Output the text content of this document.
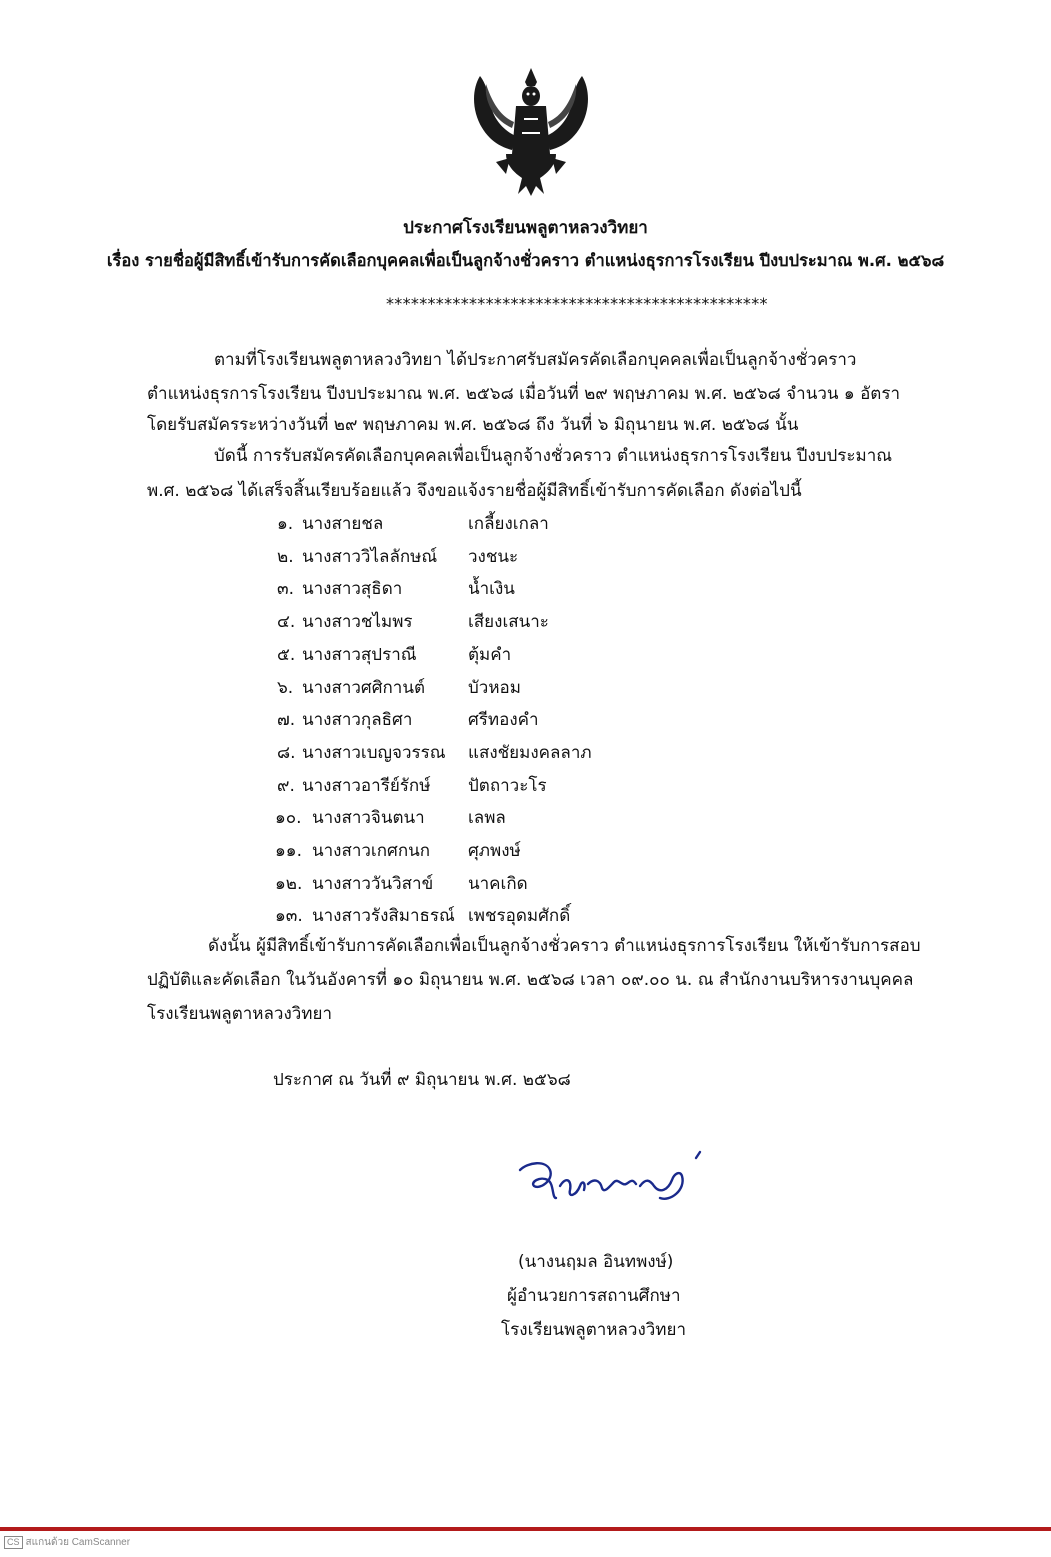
ประกาศโรงเรียนพลูตาหลวงวิทยา
เรื่อง รายชื่อผู้มีสิทธิ์เข้ารับการคัดเลือกบุคคลเพื่อเป็นลูกจ้างชั่วคราว ตำแหน่งธุรการโรงเรียน ปีงบประมาณ พ.ศ. ๒๕๖๘
**********************************************
ตามที่โรงเรียนพลูตาหลวงวิทยา ได้ประกาศรับสมัครคัดเลือกบุคคลเพื่อเป็นลูกจ้างชั่วคราว
ตำแหน่งธุรการโรงเรียน ปีงบประมาณ พ.ศ. ๒๕๖๘ เมื่อวันที่ ๒๙ พฤษภาคม พ.ศ. ๒๕๖๘ จำนวน ๑ อัตรา
โดยรับสมัครระหว่างวันที่ ๒๙ พฤษภาคม พ.ศ. ๒๕๖๘ ถึง วันที่ ๖ มิถุนายน พ.ศ. ๒๕๖๘ นั้น
บัดนี้ การรับสมัครคัดเลือกบุคคลเพื่อเป็นลูกจ้างชั่วคราว ตำแหน่งธุรการโรงเรียน ปีงบประมาณ
พ.ศ. ๒๕๖๘ ได้เสร็จสิ้นเรียบร้อยแล้ว จึงขอแจ้งรายชื่อผู้มีสิทธิ์เข้ารับการคัดเลือก ดังต่อไปนี้
๑. นางสายชล	เกลี้ยงเกลา
๒. นางสาววิไลลักษณ์ วงชนะ
๓. นางสาวสุธิดา	น้ำเงิน
๔. นางสาวชไมพร	เสียงเสนาะ
๕. นางสาวสุปราณี	ตุ้มคำ
๖. นางสาวศศิกานต์	บัวหอม
๗. นางสาวกุลธิศา	ศรีทองคำ
๘. นางสาวเบญจวรรณ แสงชัยมงคลลาภ
๙. นางสาวอารีย์รักษ์ ปัตถาวะโร
๑๐. นางสาวจินตนา	เลพล
๑๑. นางสาวเกศกนก ศุภพงษ์
๑๒. นางสาววันวิสาข์ นาคเกิด
๑๓. นางสาวรังสิมาธรณ์ เพชรอุดมศักดิ์
ดังนั้น ผู้มีสิทธิ์เข้ารับการคัดเลือกเพื่อเป็นลูกจ้างชั่วคราว ตำแหน่งธุรการโรงเรียน ให้เข้ารับการสอบ
ปฏิบัติและคัดเลือก ในวันอังคารที่ ๑๐ มิถุนายน พ.ศ. ๒๕๖๘ เวลา ๐๙.๐๐ น. ณ สำนักงานบริหารงานบุคคล
โรงเรียนพลูตาหลวงวิทยา
ประกาศ ณ วันที่ ๙ มิถุนายน พ.ศ. ๒๕๖๘
(นางนฤมล อินทพงษ์)
ผู้อำนวยการสถานศึกษา
โรงเรียนพลูตาหลวงวิทยา
CS สแกนด้วย CamScanner
